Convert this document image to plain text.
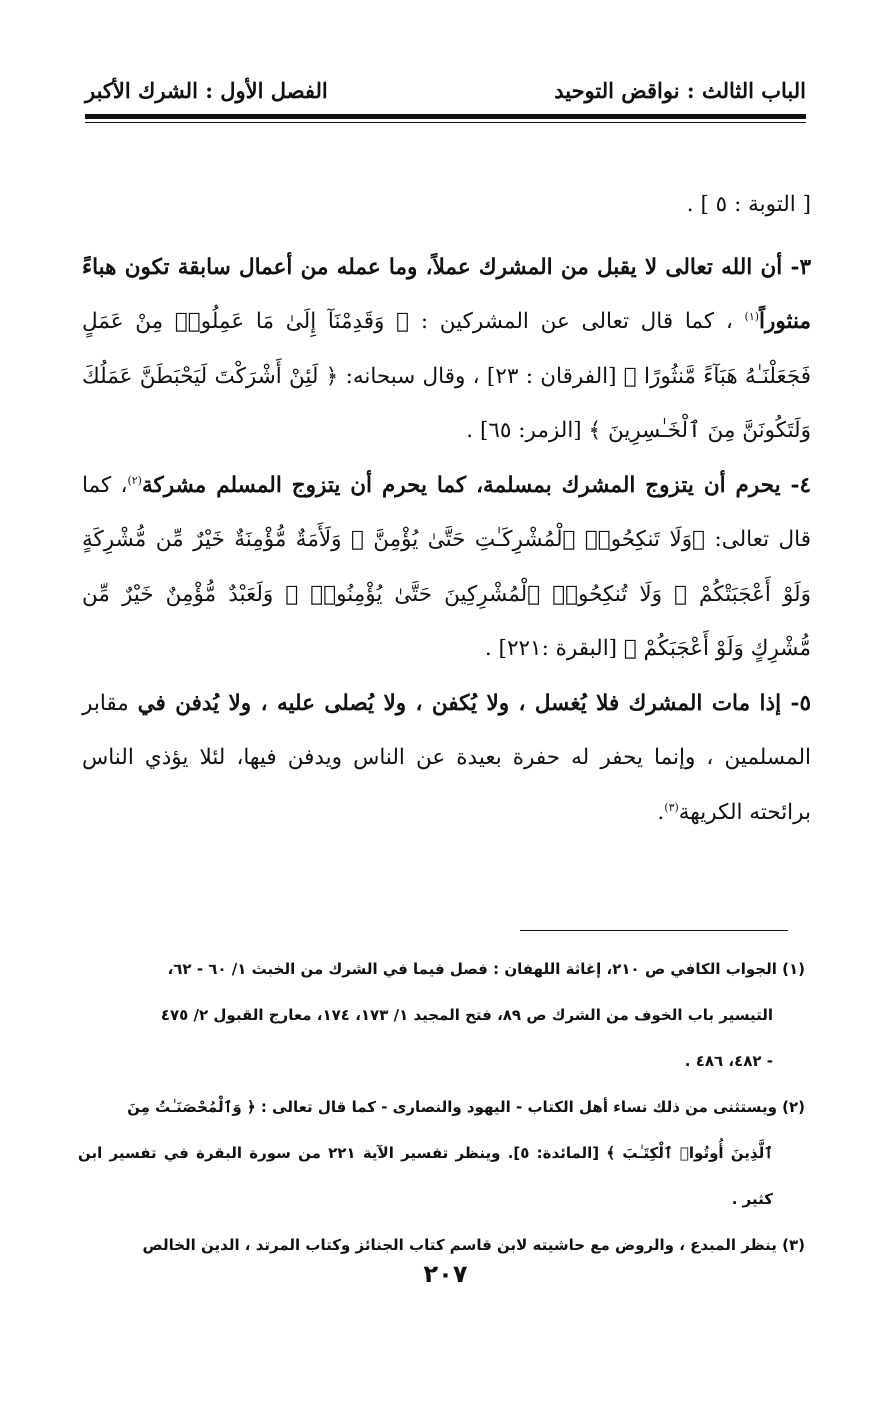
الباب الثالث : نواقض التوحيد
الفصل الأول : الشرك الأكبر

[ التوبة : ٥ ] .

٣- أن الله تعالى لا يقبل من المشرك عملاً، وما عمله من أعمال سابقة تكون هباءً منثوراً$^{(١)}$ ، كما قال تعالى عن المشركين : ﴿ وَقَدِمْنَآ إِلَىٰ مَا عَمِلُوا۟ مِنْ عَمَلٍ فَجَعَلْنَـٰهُ هَبَآءً مَّنثُورًا ﴾ [الفرقان : ٢٣] ، وقال سبحانه: ﴿ لَئِنْ أَشْرَكْتَ لَيَحْبَطَنَّ عَمَلُكَ وَلَتَكُونَنَّ مِنَ ٱلْخَـٰسِرِينَ ﴾ [الزمر: ٦٥] .

٤- يحرم أن يتزوج المشرك بمسلمة، كما يحرم أن يتزوج المسلم مشركة$^{(٢)}$، كما قال تعالى: ﴿وَلَا تَنكِحُوا۟ ٱلْمُشْرِكَـٰتِ حَتَّىٰ يُؤْمِنَّ ۚ وَلَأَمَةٌ مُّؤْمِنَةٌ خَيْرٌ مِّن مُّشْرِكَةٍ وَلَوْ أَعْجَبَتْكُمْ ۗ وَلَا تُنكِحُوا۟ ٱلْمُشْرِكِينَ حَتَّىٰ يُؤْمِنُوا۟ ۚ وَلَعَبْدٌ مُّؤْمِنٌ خَيْرٌ مِّن مُّشْرِكٍ وَلَوْ أَعْجَبَكُمْ ﴾ [البقرة :٢٢١] .

٥- إذا مات المشرك فلا يُغسل ، ولا يُكفن ، ولا يُصلى عليه ، ولا يُدفن في مقابر المسلمين ، وإنما يحفر له حفرة بعيدة عن الناس ويدفن فيها، لئلا يؤذي الناس برائحته الكريهة$^{(٣)}$.

(١) الجواب الكافي ص ٢١٠، إغاثة اللهفان : فصل فيما في الشرك من الخبث ١/ ٦٠ - ٦٢،

التيسير باب الخوف من الشرك ص ٨٩، فتح المجيد ١/ ١٧٣، ١٧٤، معارج القبول ٢/ ٤٧٥

- ٤٨٢، ٤٨٦ .

(٢) ويستثنى من ذلك نساء أهل الكتاب - اليهود والنصارى - كما قال تعالى : ﴿ وَٱلْمُحْصَنَـٰتُ مِنَ

ٱلَّذِينَ أُوتُوا۟ ٱلْكِتَـٰبَ ﴾ [المائدة: ٥]. وينظر تفسير الآية ٢٢١ من سورة البقرة في تفسير ابن كثير .

(٣) ينظر المبدع ، والروض مع حاشيته لابن قاسم كتاب الجنائز وكتاب المرتد ، الدين الخالص

٢٠٧
